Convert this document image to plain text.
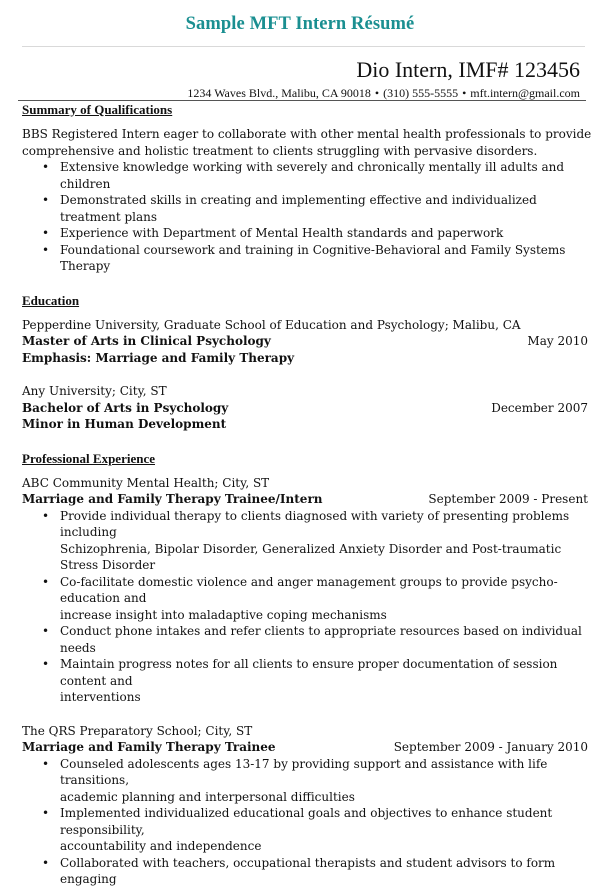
Sample MFT Intern Résumé
Dio Intern, IMF# 123456
1234 Waves Blvd., Malibu, CA 90018 • (310) 555-5555 • mft.intern@gmail.com
Summary of Qualifications
BBS Registered Intern eager to collaborate with other mental health professionals to provide
comprehensive and holistic treatment to clients struggling with pervasive disorders.
• Extensive knowledge working with severely and chronically mentally ill adults and children
• Demonstrated skills in creating and implementing effective and individualized treatment plans
• Experience with Department of Mental Health standards and paperwork
• Foundational coursework and training in Cognitive-Behavioral and Family Systems Therapy
Education
Pepperdine University, Graduate School of Education and Psychology; Malibu, CA
Master of Arts in Clinical Psychology	May 2010
Emphasis: Marriage and Family Therapy
Any University; City, ST
Bachelor of Arts in Psychology	December 2007
Minor in Human Development
Professional Experience
ABC Community Mental Health; City, ST
Marriage and Family Therapy Trainee/Intern	September 2009 - Present
• Provide individual therapy to clients diagnosed with variety of presenting problems including
Schizophrenia, Bipolar Disorder, Generalized Anxiety Disorder and Post-traumatic Stress Disorder
• Co-facilitate domestic violence and anger management groups to provide psycho-education and
increase insight into maladaptive coping mechanisms
• Conduct phone intakes and refer clients to appropriate resources based on individual needs
• Maintain progress notes for all clients to ensure proper documentation of session content and
interventions
The QRS Preparatory School; City, ST
Marriage and Family Therapy Trainee	September 2009 - January 2010
• Counseled adolescents ages 13-17 by providing support and assistance with life transitions,
academic planning and interpersonal difficulties
• Implemented individualized educational goals and objectives to enhance student responsibility,
accountability and independence
• Collaborated with teachers, occupational therapists and student advisors to form engaging
